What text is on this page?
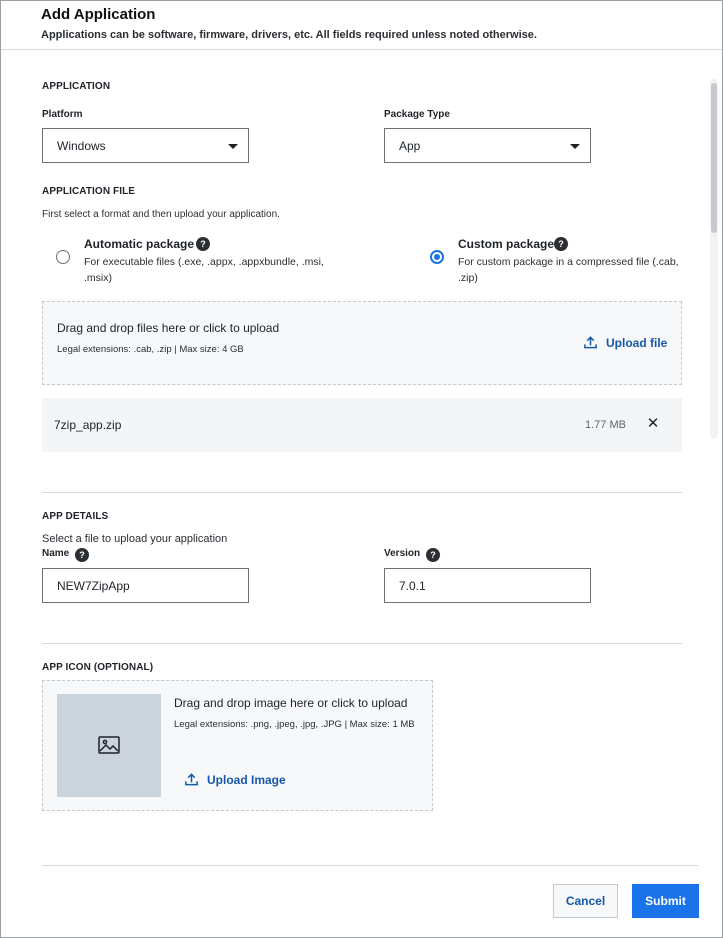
Add Application

Applications can be software, firmware, drivers, etc. All fields required unless noted otherwise.

APPLICATION
Platform
Windows
Package Type
App
APPLICATION FILE
First select a format and then upload your application.
Automatic package ?
For executable files (.exe, .appx, .appxbundle, .msi,
.msix)
Custom package ?
For custom package in a compressed file (.cab,
.zip)
Drag and drop files here or click to upload
Legal extensions: .cab, .zip | Max size: 4 GB	Upload file
7zip_app.zip	1.77 MB ✕
APP DETAILS
Select a file to upload your application
Name	?
NEW7ZipApp	Version	?
7.0.1
APP ICON (OPTIONAL)
Drag and drop image here or click to upload
Legal extensions: .png, .jpeg, .jpg, .JPG | Max size: 1 MB
Upload Image
Cancel	Submit
